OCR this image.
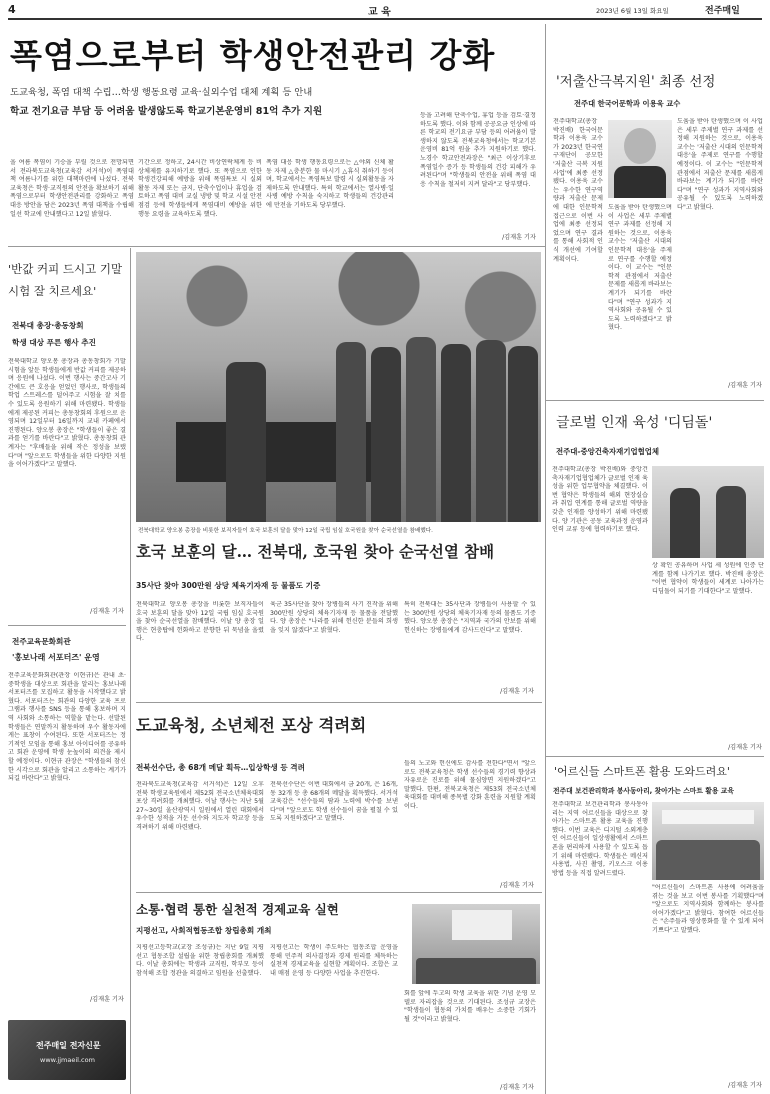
4	교 육	2023년 6월 13일 화요일	전주매일
폭염으로부터 학생안전관리 강화
도교육청, 폭염 대책 수립…학생 행동요령 교육·실외수업 대체 계획 등 안내
학교 전기요금 부담 등 어려움 발생않도록 학교기본운영비 81억 추가 지원
올 여름 폭염이 기승을 부릴 것으로 전망되면서 전라북도교육청(교육감 서거석)이 폭염대책 여름나기를 위한 대책마련에 나섰다. 전북교육청은 학생·교직원의 안전을 확보하기 위해 폭염으로부터 학생안전관리를 강화하고 폭염 대응 방안을 담은 2023년 폭염 대책을 수립해 일선 학교에 안내했다고 12일 밝혔다.
기간으로 정하고, 24시간 비상연락체계 등 비상체제를 유지하기로 했다. 또 폭염으로 인한 학생건강피해 예방을 위해 폭염특보 시 실외 활동 자제 또는 금지, 단축수업이나 휴업을 검토하고 폭염 대비 교실 냉방 및 학교 시설 안전 점검 등에 학생들에게 폭염대비 예방을 위한 행동 요령을 교육하도록 했다.
폭염 대응 학생 행동요령으로는 △야외 신체 활동 자제 △충분한 물 마시기 △휴식 취하기 등이며, 학교에서는 폭염특보 발령 시 실외활동을 자제하도록 안내했다. 특히 학교에서는 열사병·일사병 예방 수칙을 숙지하고 학생들의 건강관리에 만전을 기하도록 당부했다.
등을 고려해 단축수업, 휴업 등을 검토·결정하도록 했다. 이와 함께 공공요금 인상에 따른 학교의 전기요금 부담 등의 어려움이 발생하지 않도록 전북교육청에서는 학교기본운영비 81억 원을 추가 지원하기로 했다. 노경수 학교안전과장은 "최근 이상기후로 폭염일수 증가 등 학생들의 건강 피해가 우려된다"며 "학생들의 안전을 위해 폭염 대응 수칙을 철저히 지켜 달라"고 당부했다.
/김재훈 기자
'저출산극복지원' 최종 선정
전주대 한국어문학과 이용욱 교수
전주대학교(총장 박진배) 한국어문학과 이용욱 교수가 2023년 한국연구재단이 공모한 '저출산 극복 지원사업'에 최종 선정됐다. 이용욱 교수는 우수한 연구역량과 저출산 문제에 대한 인문학적 접근으로 이번 사업에 최종 선정되었으며 연구 결과를 통해 사회적 인식 개선에 기여할 계획이다.
도움을 받아 탄생했으며 이 사업은 세부 주제별 연구 과제를 선정해 지원하는 것으로, 이용욱 교수는 '저출산 시대의 인문학적 대응'을 주제로 연구를 수행할 예정이다. 이 교수는 "인문학적 관점에서 저출산 문제를 새롭게 바라보는 계기가 되기를 바란다"며 "연구 성과가 지역사회와 공유될 수 있도록 노력하겠다"고 밝혔다.
도움을 받아 탄생했으며 이 사업은 세부 주제별 연구 과제를 선정해 지원하는 것으로, 이용욱 교수는 '저출산 시대의 인문학적 대응'을 주제로 연구를 수행할 예정이다. 이 교수는 "인문학적 관점에서 저출산 문제를 새롭게 바라보는 계기가 되기를 바란다"며 "연구 성과가 지역사회와 공유될 수 있도록 노력하겠다"고 밝혔다.
/김재훈 기자
'반값 커피 드시고 기말시험 잘 치르세요'
전북대 총장·총동창회
학생 대상 푸른 행사 추진
전북대학교 양오봉 총장과 총동창회가 기말시험을 앞둔 학생들에게 반값 커피를 제공하며 응원에 나섰다. 이번 행사는 중간고사 기간에도 큰 호응을 얻었던 행사로, 학생들의 학업 스트레스를 덜어주고 시험을 잘 치를 수 있도록 응원하기 위해 마련됐다. 학생들에게 제공된 커피는 총동창회의 후원으로 운영되며 12일부터 16일까지 교내 카페에서 진행된다. 양오봉 총장은 "학생들이 좋은 결과를 얻기를 바란다"고 밝혔다. 총동창회 관계자는 "후배들을 위해 작은 정성을 보탰다"며 "앞으로도 학생들을 위한 다양한 지원을 이어가겠다"고 말했다.
/김재훈 기자
전주교육문화회관
'홍보나래 서포터즈' 운영
전주교육문화회관(관장 이현규)은 관내 초·중학생을 대상으로 회관을 알리는 홍보나래 서포터즈를 모집하고 활동을 시작했다고 밝혔다. 서포터즈는 회관의 다양한 교육 프로그램과 행사를 SNS 등을 통해 홍보하며 지역 사회와 소통하는 역할을 맡는다. 선발된 학생들은 연말까지 활동하며 우수 활동자에게는 표창이 수여된다. 또한 서포터즈는 정기적인 모임을 통해 홍보 아이디어를 공유하고 회관 운영에 학생 눈높이의 의견을 제시할 예정이다. 이현규 관장은 "학생들의 참신한 시각으로 회관을 알리고 소통하는 계기가 되길 바란다"고 밝혔다.
/김재훈 기자
전주매일 전자신문
www.jjmaeil.com
전북대학교 양오봉 총장을 비롯한 보직자들이 호국 보훈의 달을 맞아 12일 국립 임실 호국원을 찾아 순국선열을 참배했다.
호국 보훈의 달… 전북대, 호국원 찾아 순국선열 참배
35사단 찾아 300만원 상당 체육기자재 등 물품도 기증
전북대학교 양오봉 총장을 비롯한 보직자들이 호국 보훈의 달을 맞아 12일 국립 임실 호국원을 찾아 순국선열을 참배했다. 이날 양 총장 일행은 현충탑에 헌화하고 분향한 뒤 묵념을 올렸다.
육군 35사단을 찾아 장병들의 사기 진작을 위해 300만원 상당의 체육기자재 등 물품을 전달했다. 양 총장은 "나라를 위해 헌신한 분들의 희생을 잊지 않겠다"고 밝혔다.
특히 전북대는 35사단과 장병들이 사용할 수 있는 300만원 상당의 체육기자재 등의 물품도 기증했다. 양오봉 총장은 "지역과 국가의 안보를 위해 헌신하는 장병들에게 감사드린다"고 말했다.
/김재훈 기자
도교육청, 소년체전 포상 격려회
전북선수단, 총 68개 메달 획득…입상학생 등 격려
전라북도교육청(교육감 서거석)은 12일 오후 전북 학생교육원에서 제52회 전국소년체육대회 포상 격려회를 개최했다. 이날 행사는 지난 5월 27~30일 울산광역시 일원에서 열린 대회에서 우수한 성적을 거둔 선수와 지도자 학교장 등을 격려하기 위해 마련됐다.
전북선수단은 이번 대회에서 금 20개, 은 16개, 동 32개 등 총 68개의 메달을 획득했다. 서거석 교육감은 "선수들의 땀과 노력에 박수를 보낸다"며 "앞으로도 학생 선수들이 꿈을 펼칠 수 있도록 지원하겠다"고 말했다.
들의 노고와 헌신에도 감사를 전한다"면서 "앞으로도 전북교육청은 학생 선수들의 경기력 향상과 자유로운 진로를 위해 물심양면 지원하겠다"고 말했다. 한편, 전북교육청은 제53회 전국소년체육대회를 대비해 종목별 강화 훈련을 지원할 계획이다.
/김재훈 기자
소통·협력 통한 실천적 경제교육 실현
지평선고, 사회적협동조합 창립총회 개최
지평선고등학교(교장 조성규)는 지난 9일 지평선고 협동조합 설립을 위한 창립총회를 개최했다. 이날 총회에는 학생과 교직원, 학부모 등이 참석해 조합 정관을 의결하고 임원을 선출했다.
지평선고는 학생이 주도하는 협동조합 운영을 통해 민주적 의사결정과 경제 원리를 체득하는 실천적 경제교육을 실현할 계획이다. 조합은 교내 매점 운영 등 다양한 사업을 추진한다.
회를 앞에 두고의 학생 교육을 위한 기념 운영 모델로 자리잡을 것으로 기대된다. 조성규 교장은 "학생들이 협동의 가치를 배우는 소중한 기회가 될 것"이라고 밝혔다.
/김재훈 기자
글로벌 인재 육성 '디딤돌'
전주대-중앙건축자재기업협업체
전주대학교(총장 박진배)와 중앙건축자재기업협업체가 글로벌 인재 육성을 위한 업무협약을 체결했다. 이번 협약은 학생들의 해외 현장실습과 취업 연계를 통해 글로벌 역량을 갖춘 인재를 양성하기 위해 마련됐다. 양 기관은 공동 교육과정 운영과 인력 교류 등에 협력하기로 했다.
상 확인 공유하며 사업 세 성원에 인증 단계를 함께 나가기로 했다. 박진배 총장은 "이번 협약이 학생들이 세계로 나아가는 디딤돌이 되기를 기대한다"고 말했다.
/김재훈 기자
'어르신들 스마트폰 활용 도와드려요'
전주대 보건관리학과 봉사동아리, 찾아가는 스마트 활용 교육
전주대학교 보건관리학과 봉사동아리는 지역 어르신들을 대상으로 찾아가는 스마트폰 활용 교육을 진행했다. 이번 교육은 디지털 소외계층인 어르신들이 일상생활에서 스마트폰을 편리하게 사용할 수 있도록 돕기 위해 마련됐다. 학생들은 메신저 사용법, 사진 촬영, 키오스크 이용 방법 등을 직접 알려드렸다.
"어르신들이 스마트폰 사용에 어려움을 겪는 것을 보고 이번 봉사를 기획했다"며 "앞으로도 지역사회와 함께하는 봉사를 이어가겠다"고 밝혔다. 참여한 어르신들은 "손주들과 영상통화를 할 수 있게 되어 기쁘다"고 말했다.
/김재훈 기자
